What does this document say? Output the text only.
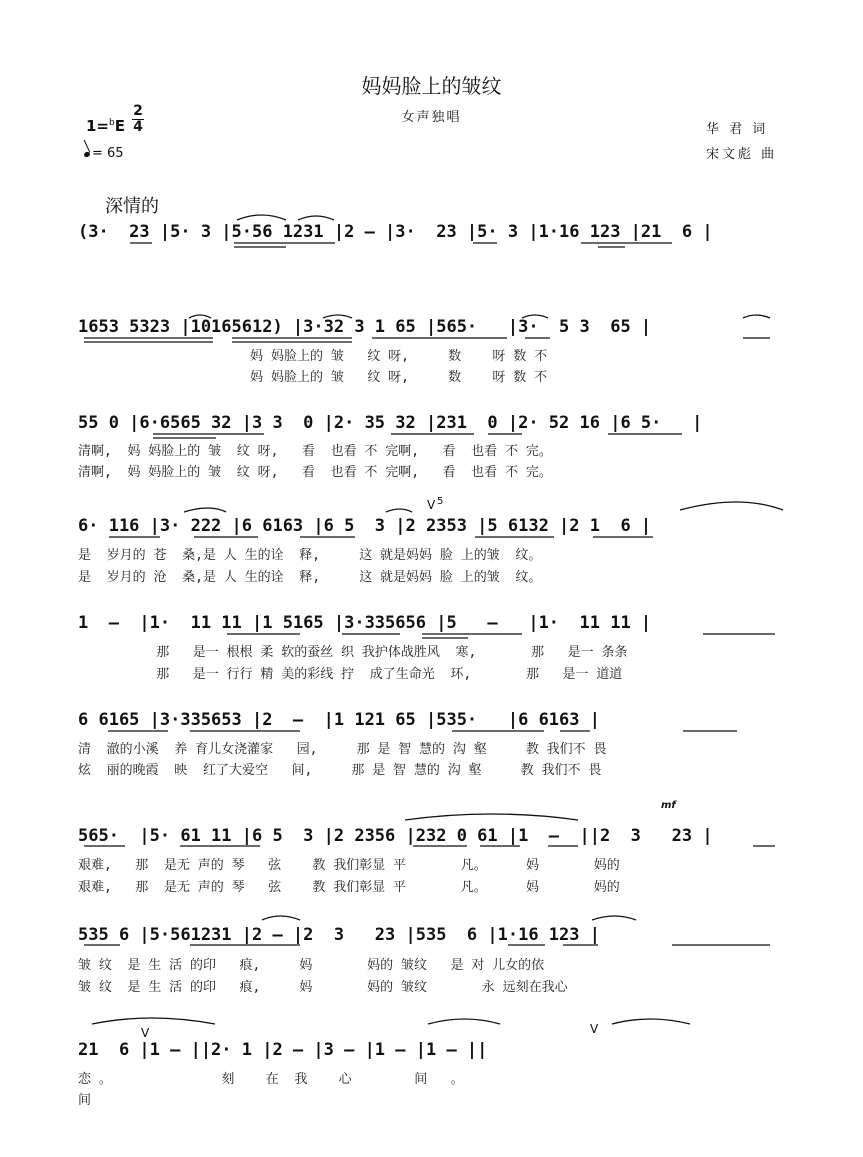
妈妈脸上的皱纹
女声独唱
华 君 词
宋文彪 曲
1=$^b$E
2
4
= 65
深情的
(3·  23 |5· 3 |5·56 1231 |2 – |3·  23 |5· 3 |1·16 123 |21  6 |
1653 5323 |10165612) |3·32 3 1 65 |565·   |3·  5 3  65 |
妈 妈脸上的 皱   纹 呀,     数    呀 数 不
妈 妈脸上的 皱   纹 呀,     数    呀 数 不
55 0 |6·6565 32 |3 3  0 |2· 35 32 |231  0 |2· 52 16 |6 5·   |
清啊,  妈 妈脸上的 皱  纹 呀,   看  也看 不 完啊,   看  也看 不 完。
清啊,  妈 妈脸上的 皱  纹 呀,   看  也看 不 完啊,   看  也看 不 完。
6· 116 |3· 222 |6 6163 |6 5  3 |2 2353 |5 6132 |2 1  6 |
是  岁月的 苍  桑,是 人 生的诠  释,     这 就是妈妈 脸 上的皱  纹。
是  岁月的 沧  桑,是 人 生的诠  释,     这 就是妈妈 脸 上的皱  纹。
1  –  |1·  11 11 |1 5165 |3·335656 |5   –   |1·  11 11 |
那   是一 根根 柔 软的蚕丝 织 我护体战胜风  寒,       那   是一 条条
那   是一 行行 精 美的彩线 拧  成了生命光  环,       那   是一 道道
6 6165 |3·335653 |2  –  |1 121 65 |535·   |6 6163 |
清  澈的小溪  养 育儿女浇灌家   园,     那 是 智 慧的 沟 壑     教 我们不 畏
炫  丽的晚霞  映  红了大爱空   间,     那 是 智 慧的 沟 壑     教 我们不 畏
mf
565·  |5· 61 11 |6 5  3 |2 2356 |232 0 61 |1  –  ||2  3   23 |
艰难,   那  是无 声的 琴   弦    教 我们彰显 平       凡。     妈       妈的
艰难,   那  是无 声的 琴   弦    教 我们彰显 平       凡。     妈       妈的
535 6 |5·561231 |2 – |2  3   23 |535  6 |1·16 123 |
皱 纹  是 生 活 的印   痕,     妈       妈的 皱纹   是 对 儿女的依
皱 纹  是 生 活 的印   痕,     妈       妈的 皱纹       永 远刻在我心
21  6 |1 – ||2· 1 |2 – |3 – |1 – |1 – ||
恋 。              刻    在  我    心        间   。
间
V 5
V	V
